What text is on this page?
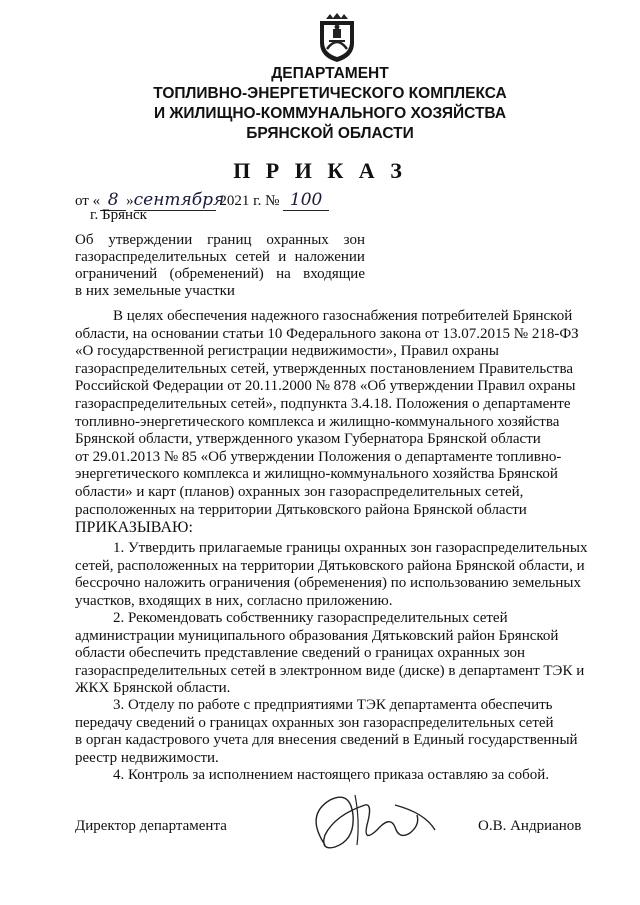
ДЕПАРТАМЕНТ
ТОПЛИВНО-ЭНЕРГЕТИЧЕСКОГО КОМПЛЕКСА
И ЖИЛИЩНО-КОММУНАЛЬНОГО ХОЗЯЙСТВА
БРЯНСКОЙ ОБЛАСТИ
П Р И К А З
от « 8 »сентября 2021 г. № 100
г. Брянск
Об утверждении границ охранных зон
газораспределительных сетей и наложении
ограничений (обременений) на входящие
в них земельные участки
В целях обеспечения надежного газоснабжения потребителей Брянской
области, на основании статьи 10 Федерального закона от 13.07.2015 № 218-ФЗ
«О государственной регистрации недвижимости», Правил охраны
газораспределительных сетей, утвержденных постановлением Правительства
Российской Федерации от 20.11.2000 № 878 «Об утверждении Правил охраны
газораспределительных сетей», подпункта 3.4.18. Положения о департаменте
топливно-энергетического комплекса и жилищно-коммунального хозяйства
Брянской области, утвержденного указом Губернатора Брянской области
от 29.01.2013 № 85 «Об утверждении Положения о департаменте топливно-
энергетического комплекса и жилищно-коммунального хозяйства Брянской
области» и карт (планов) охранных зон газораспределительных сетей,
расположенных на территории Дятьковского района Брянской области
ПРИКАЗЫВАЮ:
1. Утвердить прилагаемые границы охранных зон газораспределительных
сетей, расположенных на территории Дятьковского района Брянской области, и
бессрочно наложить ограничения (обременения) по использованию земельных
участков, входящих в них, согласно приложению.
2. Рекомендовать собственнику газораспределительных сетей
администрации муниципального образования Дятьковский район Брянской
области обеспечить представление сведений о границах охранных зон
газораспределительных сетей в электронном виде (диске) в департамент ТЭК и
ЖКХ Брянской области.
3. Отделу по работе с предприятиями ТЭК департамента обеспечить
передачу сведений о границах охранных зон газораспределительных сетей
в орган кадастрового учета для внесения сведений в Единый государственный
реестр недвижимости.
4. Контроль за исполнением настоящего приказа оставляю за собой.
Директор департамента	О.В. Андрианов
